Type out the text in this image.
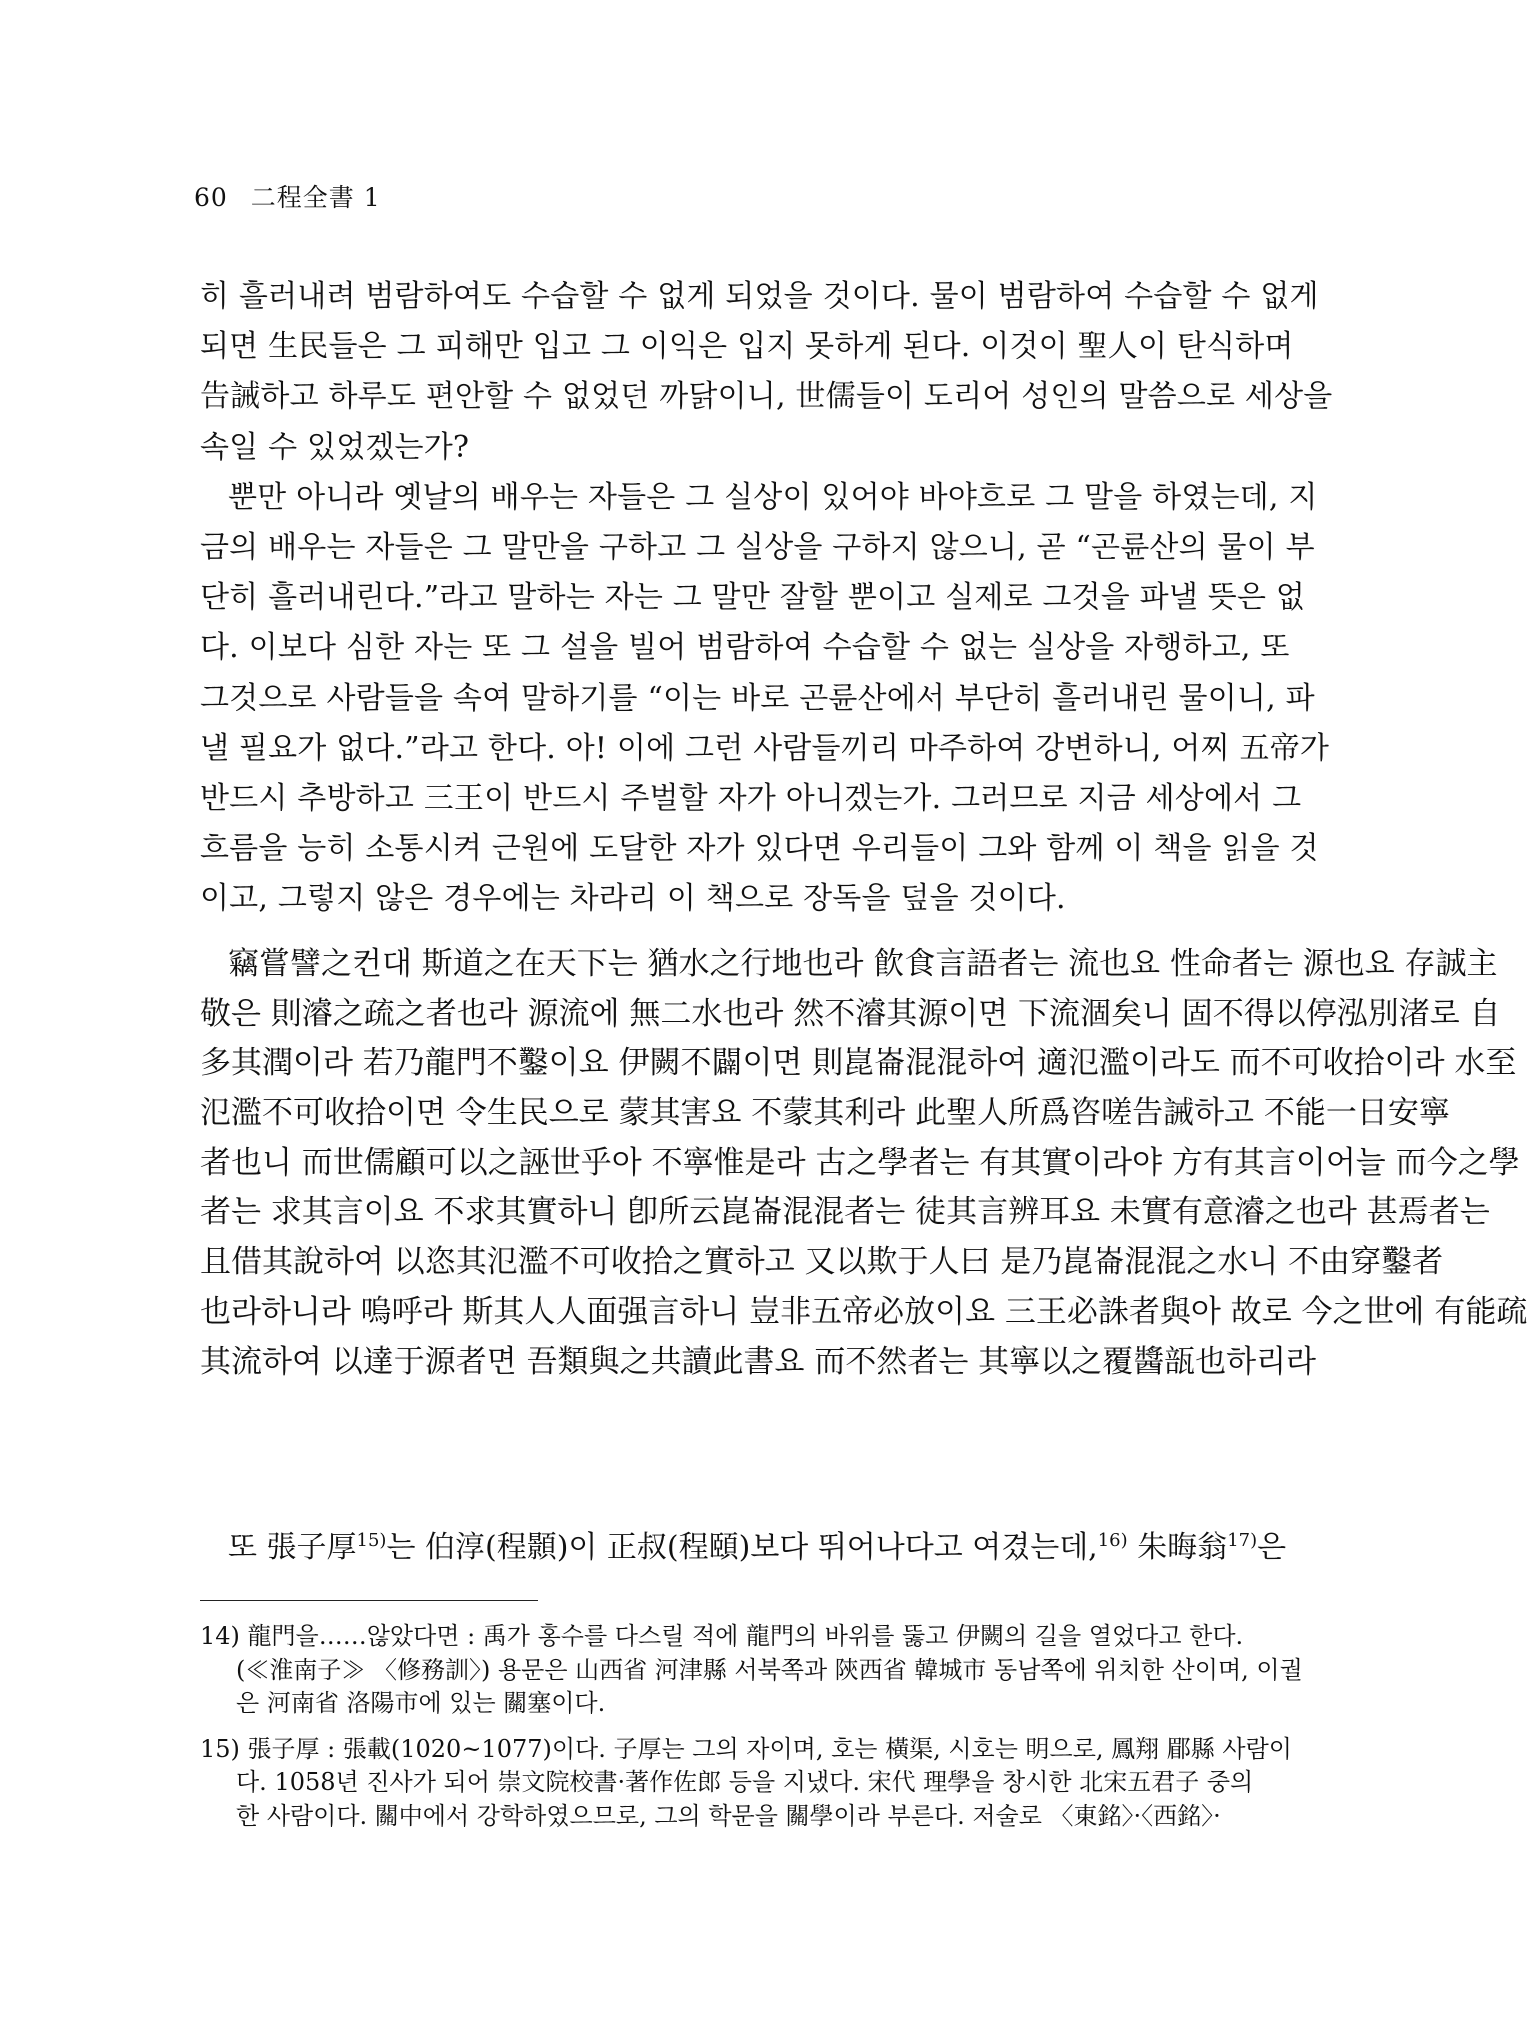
60 二程全書 1
히 흘러내려 범람하여도 수습할 수 없게 되었을 것이다. 물이 범람하여 수습할 수 없게
되면 生民들은 그 피해만 입고 그 이익은 입지 못하게 된다. 이것이 聖人이 탄식하며
告誡하고 하루도 편안할 수 없었던 까닭이니, 世儒들이 도리어 성인의 말씀으로 세상을
속일 수 있었겠는가?
뿐만 아니라 옛날의 배우는 자들은 그 실상이 있어야 바야흐로 그 말을 하였는데, 지
금의 배우는 자들은 그 말만을 구하고 그 실상을 구하지 않으니, 곧 “곤륜산의 물이 부
단히 흘러내린다.”라고 말하는 자는 그 말만 잘할 뿐이고 실제로 그것을 파낼 뜻은 없
다. 이보다 심한 자는 또 그 설을 빌어 범람하여 수습할 수 없는 실상을 자행하고, 또
그것으로 사람들을 속여 말하기를 “이는 바로 곤륜산에서 부단히 흘러내린 물이니, 파
낼 필요가 없다.”라고 한다. 아! 이에 그런 사람들끼리 마주하여 강변하니, 어찌 五帝가
반드시 추방하고 三王이 반드시 주벌할 자가 아니겠는가. 그러므로 지금 세상에서 그
흐름을 능히 소통시켜 근원에 도달한 자가 있다면 우리들이 그와 함께 이 책을 읽을 것
이고, 그렇지 않은 경우에는 차라리 이 책으로 장독을 덮을 것이다.
竊嘗譬之컨대 斯道之在天下는 猶水之行地也라 飮食言語者는 流也요 性命者는 源也요 存誠主
敬은 則濬之疏之者也라 源流에 無二水也라 然不濬其源이면 下流涸矣니 固不得以停泓別渚로 自
多其潤이라 若乃龍門不鑿이요 伊闕不闢이면 則崑崙混混하여 適氾濫이라도 而不可收拾이라 水至
氾濫不可收拾이면 令生民으로 蒙其害요 不蒙其利라 此聖人所爲咨嗟告誡하고 不能一日安寧
者也니 而世儒顧可以之誣世乎아 不寧惟是라 古之學者는 有其實이라야 方有其言이어늘 而今之學
者는 求其言이요 不求其實하니 卽所云崑崙混混者는 徒其言辨耳요 未實有意濬之也라 甚焉者는
且借其說하여 以恣其氾濫不可收拾之實하고 又以欺于人曰 是乃崑崙混混之水니 不由穿鑿者
也라하니라 嗚呼라 斯其人人面强言하니 豈非五帝必放이요 三王必誅者與아 故로 今之世에 有能疏
其流하여 以達于源者면 吾類與之共讀此書요 而不然者는 其寧以之覆醬瓿也하리라
또 張子厚$^{15)}$는 伯淳(程顥)이 正叔(程頤)보다 뛰어나다고 여겼는데,$^{16)}$ 朱晦翁$^{17)}$은
14) 龍門을……않았다면 : 禹가 홍수를 다스릴 적에 龍門의 바위를 뚫고 伊闕의 길을 열었다고 한다.
(≪淮南子≫ 〈修務訓〉) 용문은 山西省 河津縣 서북쪽과 陝西省 韓城市 동남쪽에 위치한 산이며, 이궐
은 河南省 洛陽市에 있는 關塞이다.
15) 張子厚 : 張載(1020~1077)이다. 子厚는 그의 자이며, 호는 橫渠, 시호는 明으로, 鳳翔 郿縣 사람이
다. 1058년 진사가 되어 崇文院校書·著作佐郎 등을 지냈다. 宋代 理學을 창시한 北宋五君子 중의
한 사람이다. 關中에서 강학하였으므로, 그의 학문을 關學이라 부른다. 저술로 〈東銘〉·〈西銘〉·
